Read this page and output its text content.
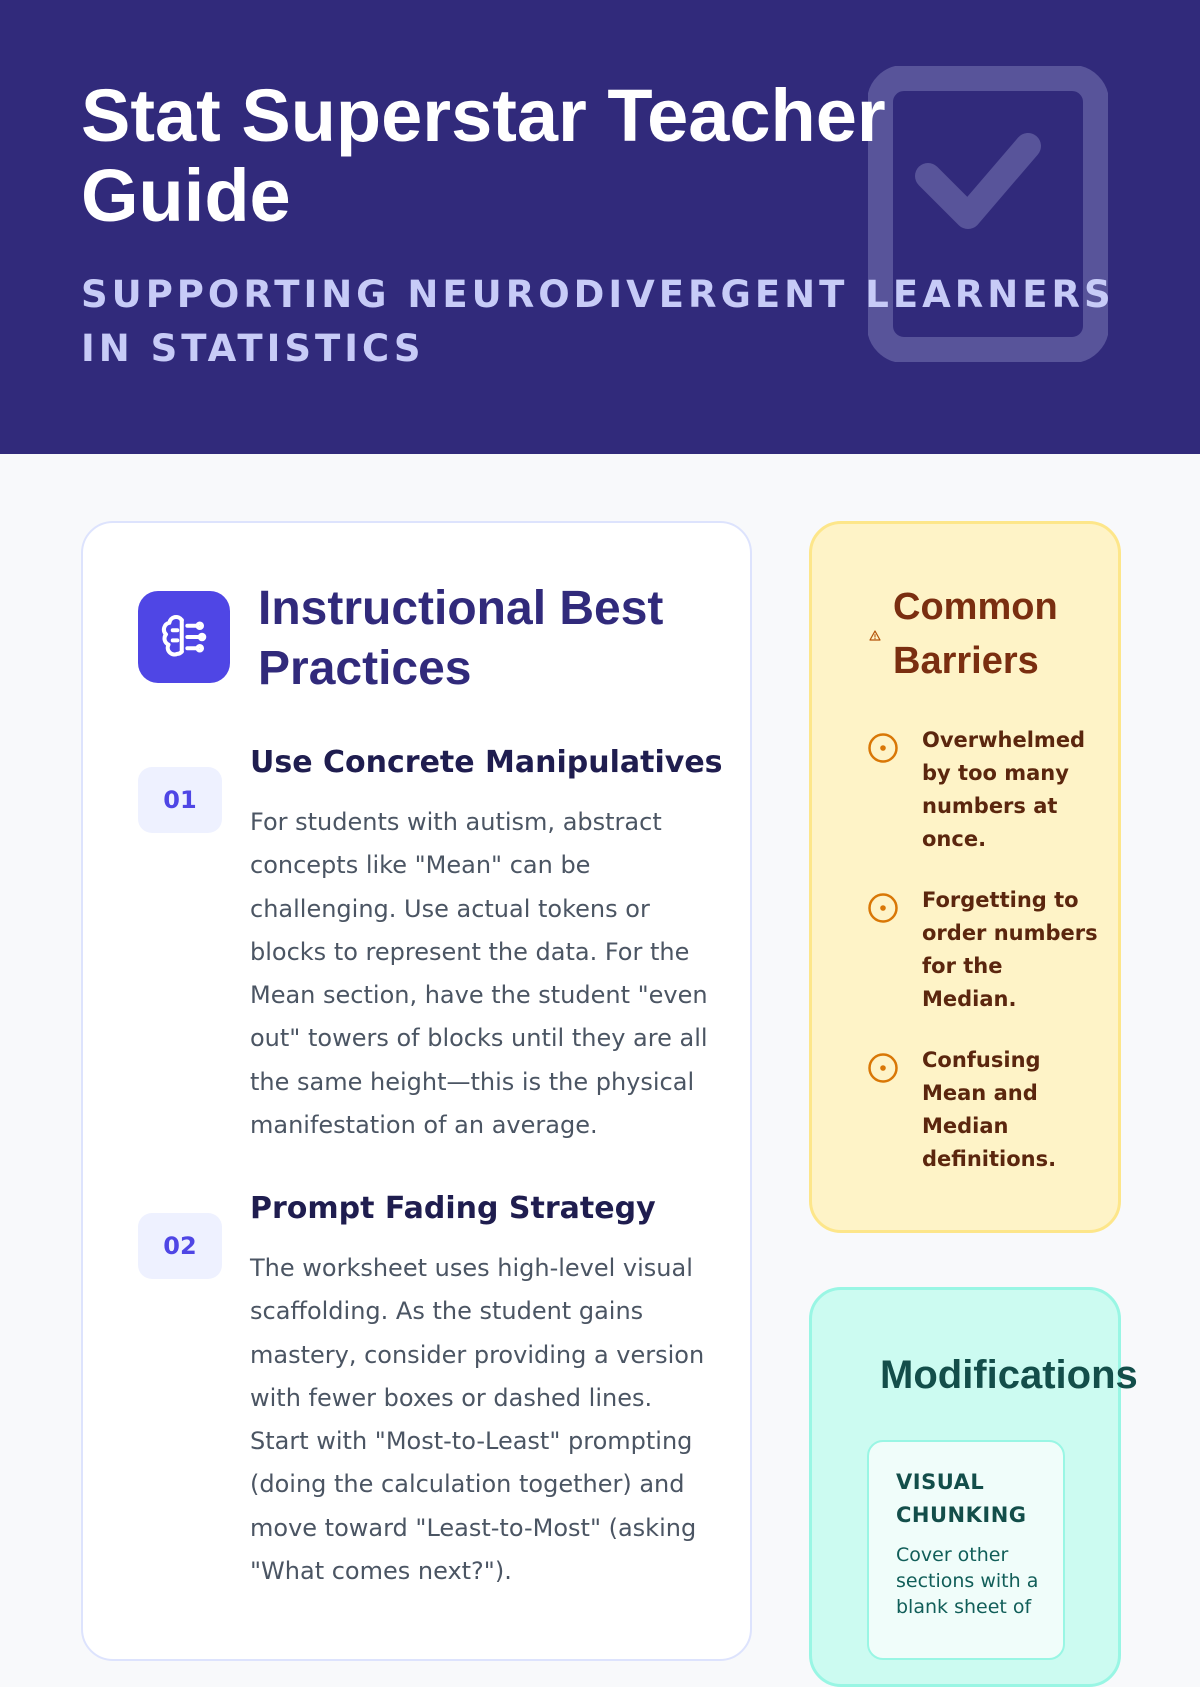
Stat Superstar Teacher Guide
SUPPORTING NEURODIVERGENT LEARNERS IN STATISTICS
Instructional Best Practices
01
Use Concrete Manipulatives

For students with autism, abstract concepts like "Mean" can be challenging. Use actual tokens or blocks to represent the data. For the Mean section, have the student "even out" towers of blocks until they are all the same height—this is the physical manifestation of an average.

02
Prompt Fading Strategy

The worksheet uses high-level visual scaffolding. As the student gains mastery, consider providing a version with fewer boxes or dashed lines. Start with "Most-to-Least" prompting (doing the calculation together) and move toward "Least-to-Most" (asking "What comes next?").

Common Barriers
Overwhelmed by too many numbers at once.
Forgetting to order numbers for the Median.
Confusing Mean and Median definitions.
Modifications
VISUAL CHUNKING
Cover other sections with a blank sheet of
